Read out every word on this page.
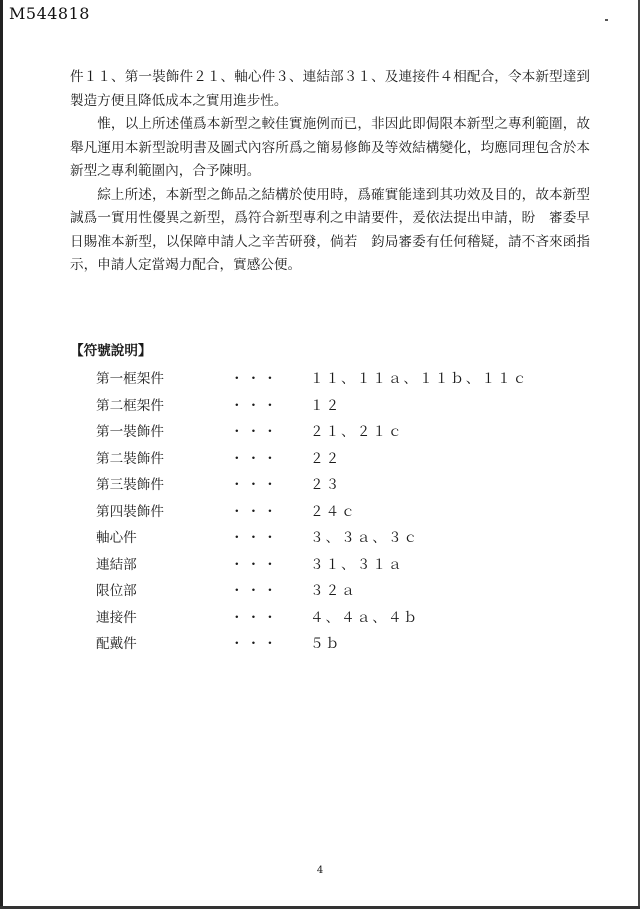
M544818

件１１、第一裝飾件２１、軸心件３、連結部３１、及連接件４相配合，令本新型達到製造方便且降低成本之實用進步性。

惟，以上所述僅爲本新型之較佳實施例而已，非因此即侷限本新型之專利範圍，故舉凡運用本新型說明書及圖式內容所爲之簡易修飾及等效結構變化，均應同理包含於本新型之專利範圍內，合予陳明。

綜上所述，本新型之飾品之結構於使用時，爲確實能達到其功效及目的，故本新型誠爲一實用性優異之新型，爲符合新型專利之申請要件，爰依法提出申請，盼　審委早日賜准本新型，以保障申請人之辛苦研發，倘若　鈞局審委有任何稽疑，請不吝來函指示，申請人定當竭力配合，實感公便。

【符號說明】
第一框架件	・・・	１１、１１ａ、１１ｂ、１１ｃ
第二框架件	・・・	１２
第一裝飾件	・・・	２１、２１ｃ
第二裝飾件	・・・	２２
第三裝飾件	・・・	２３
第四裝飾件	・・・	２４ｃ
軸心件	・・・	３、３ａ、３ｃ
連結部	・・・	３１、３１ａ
限位部	・・・	３２ａ
連接件	・・・	４、４ａ、４ｂ
配戴件	・・・	５ｂ
4
